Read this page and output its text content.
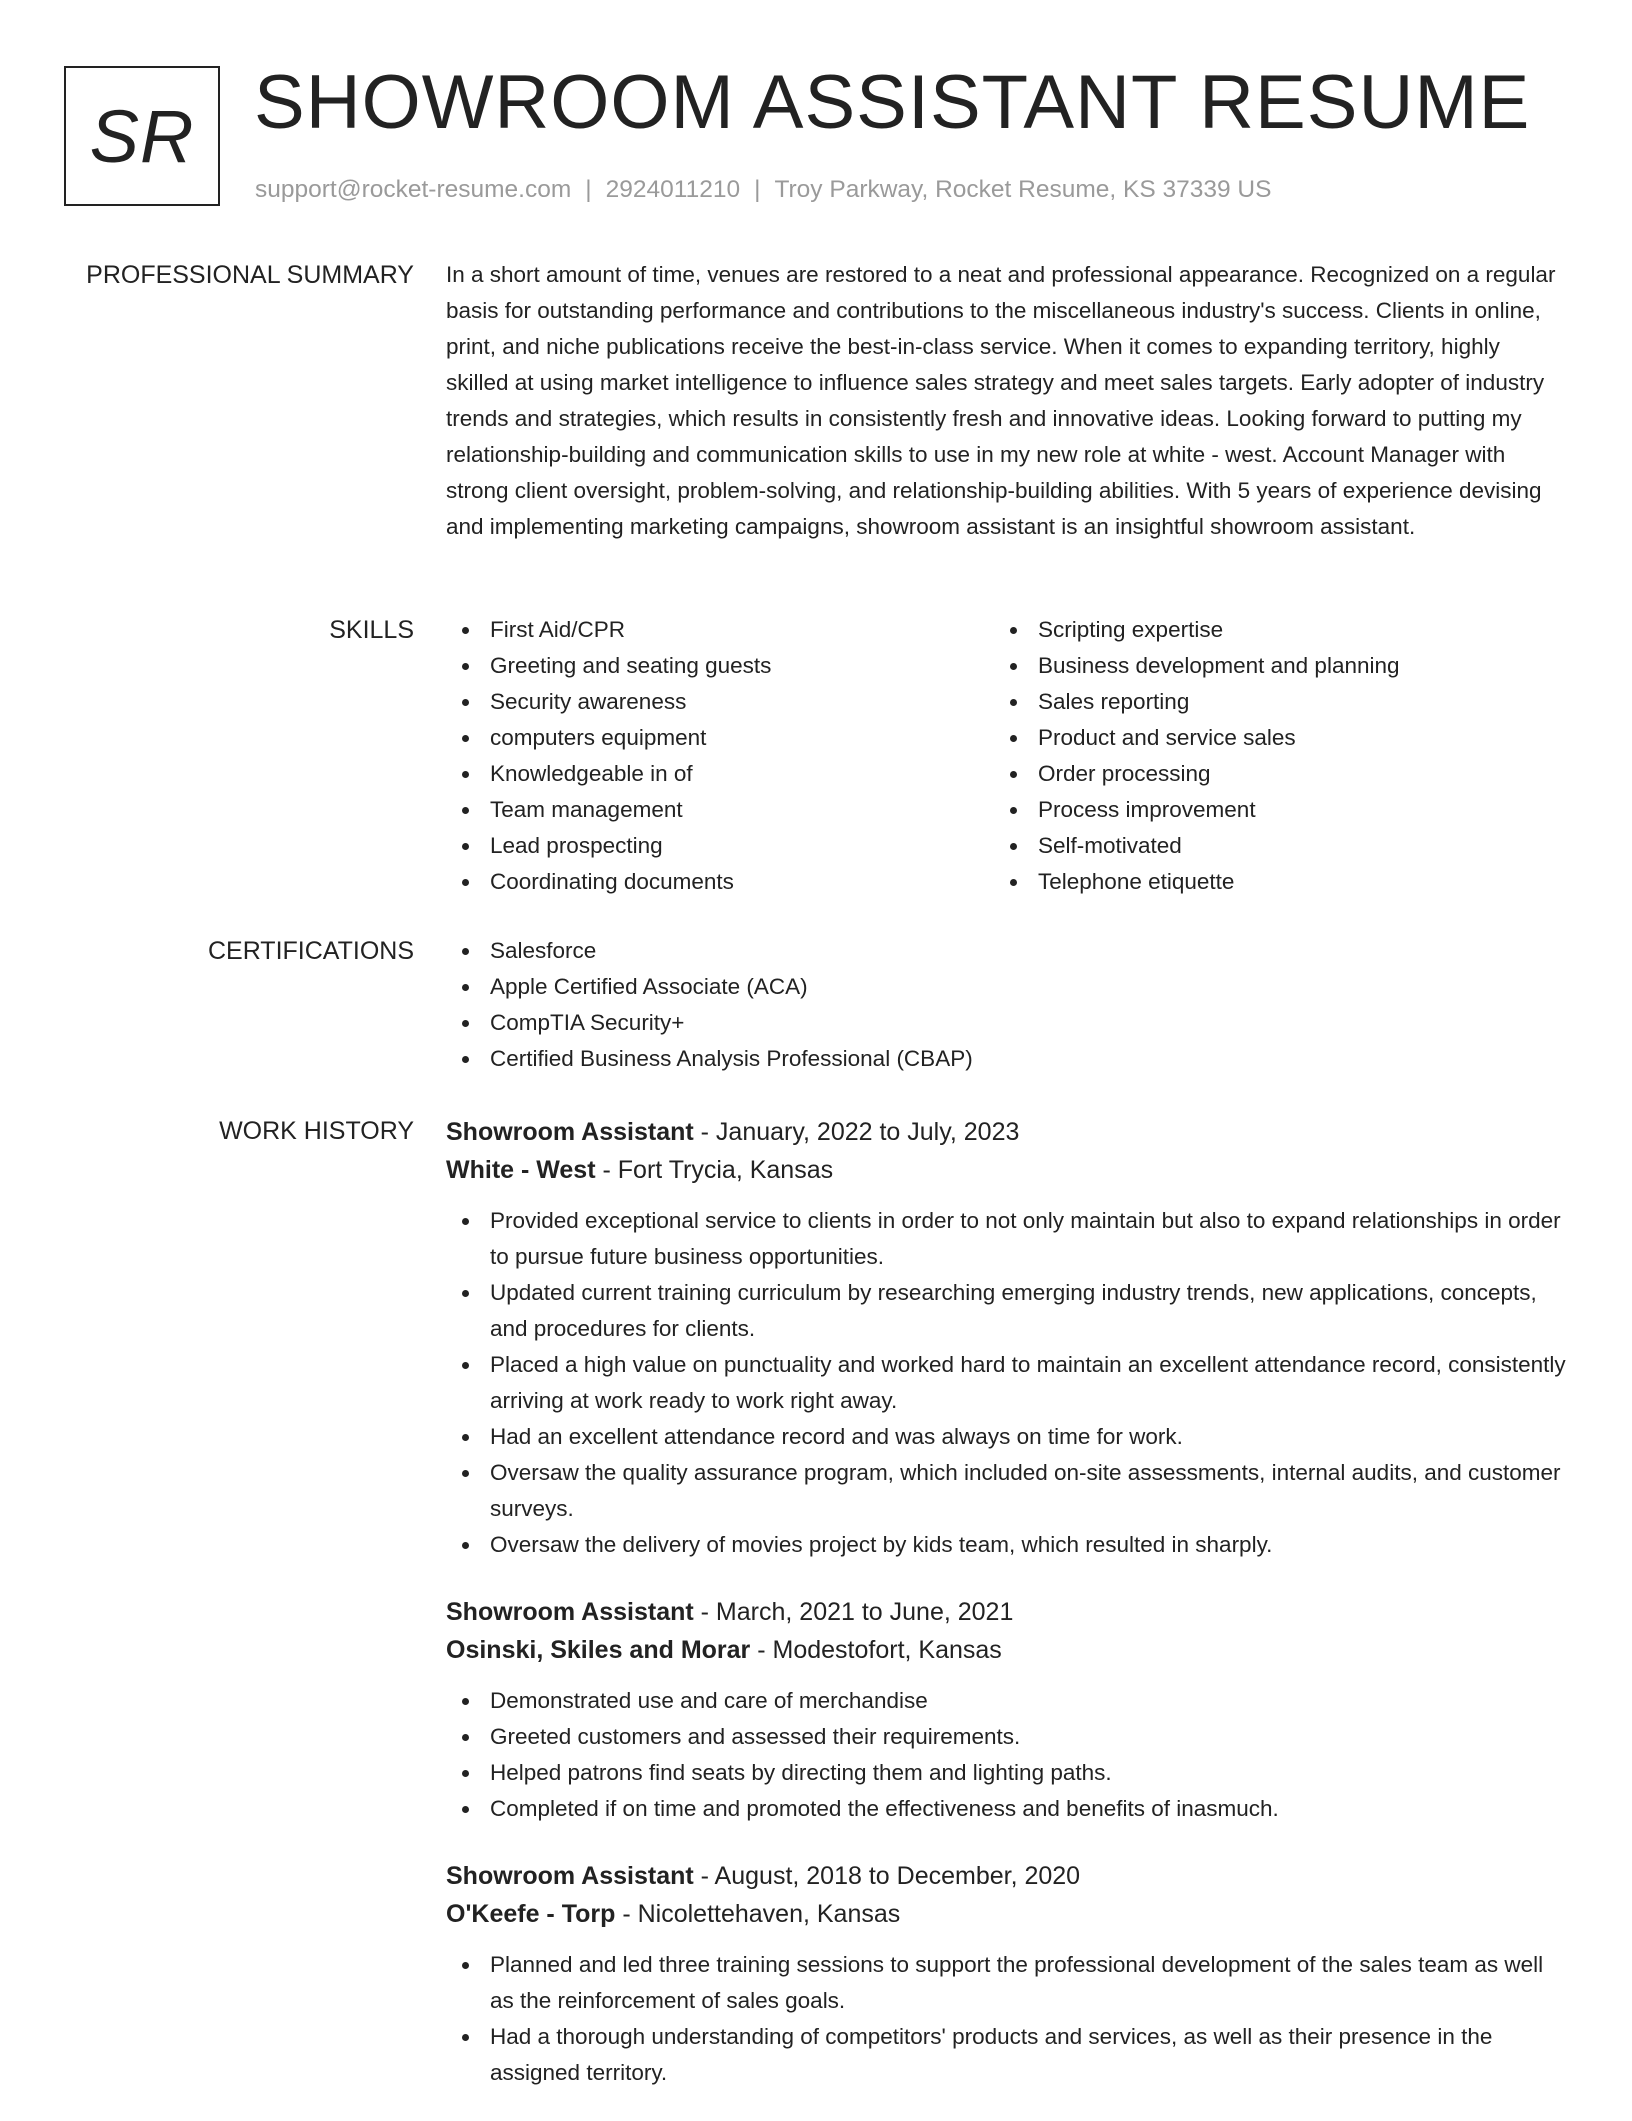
SR SHOWROOM ASSISTANT RESUME
support@rocket-resume.com | 2924011210 | Troy Parkway, Rocket Resume, KS 37339 US
PROFESSIONAL SUMMARY In a short amount of time, venues are restored to a neat and professional appearance. Recognized on a regular basis for outstanding performance and contributions to the miscellaneous industry's success. Clients in online, print, and niche publications receive the best-in-class service. When it comes to expanding territory, highly skilled at using market intelligence to influence sales strategy and meet sales targets. Early adopter of industry trends and strategies, which results in consistently fresh and innovative ideas. Looking forward to putting my relationship-building and communication skills to use in my new role at white - west. Account Manager with strong client oversight, problem-solving, and relationship-building abilities. With 5 years of experience devising and implementing marketing campaigns, showroom assistant is an insightful showroom assistant.

SKILLS	First Aid/CPR
Greeting and seating guests
Security awareness
computers equipment
Knowledgeable in of
Team management
Lead prospecting
Coordinating documents
Scripting expertise
Business development and planning
Sales reporting
Product and service sales
Order processing
Process improvement
Self-motivated
Telephone etiquette
CERTIFICATIONS	Salesforce
Apple Certified Associate (ACA)
CompTIA Security+
Certified Business Analysis Professional (CBAP)
WORK HISTORY Showroom Assistant - January, 2022 to July, 2023
White - West - Fort Trycia, Kansas
Provided exceptional service to clients in order to not only maintain but also to expand relationships in order to pursue future business opportunities.
Updated current training curriculum by researching emerging industry trends, new applications, concepts, and procedures for clients.
Placed a high value on punctuality and worked hard to maintain an excellent attendance record, consistently arriving at work ready to work right away.
Had an excellent attendance record and was always on time for work.
Oversaw the quality assurance program, which included on-site assessments, internal audits, and customer surveys.
Oversaw the delivery of movies project by kids team, which resulted in sharply.
Showroom Assistant - March, 2021 to June, 2021
Osinski, Skiles and Morar - Modestofort, Kansas
Demonstrated use and care of merchandise
Greeted customers and assessed their requirements.
Helped patrons find seats by directing them and lighting paths.
Completed if on time and promoted the effectiveness and benefits of inasmuch.
Showroom Assistant - August, 2018 to December, 2020
O'Keefe - Torp - Nicolettehaven, Kansas
Planned and led three training sessions to support the professional development of the sales team as well as the reinforcement of sales goals.
Had a thorough understanding of competitors' products and services, as well as their presence in the assigned territory.
